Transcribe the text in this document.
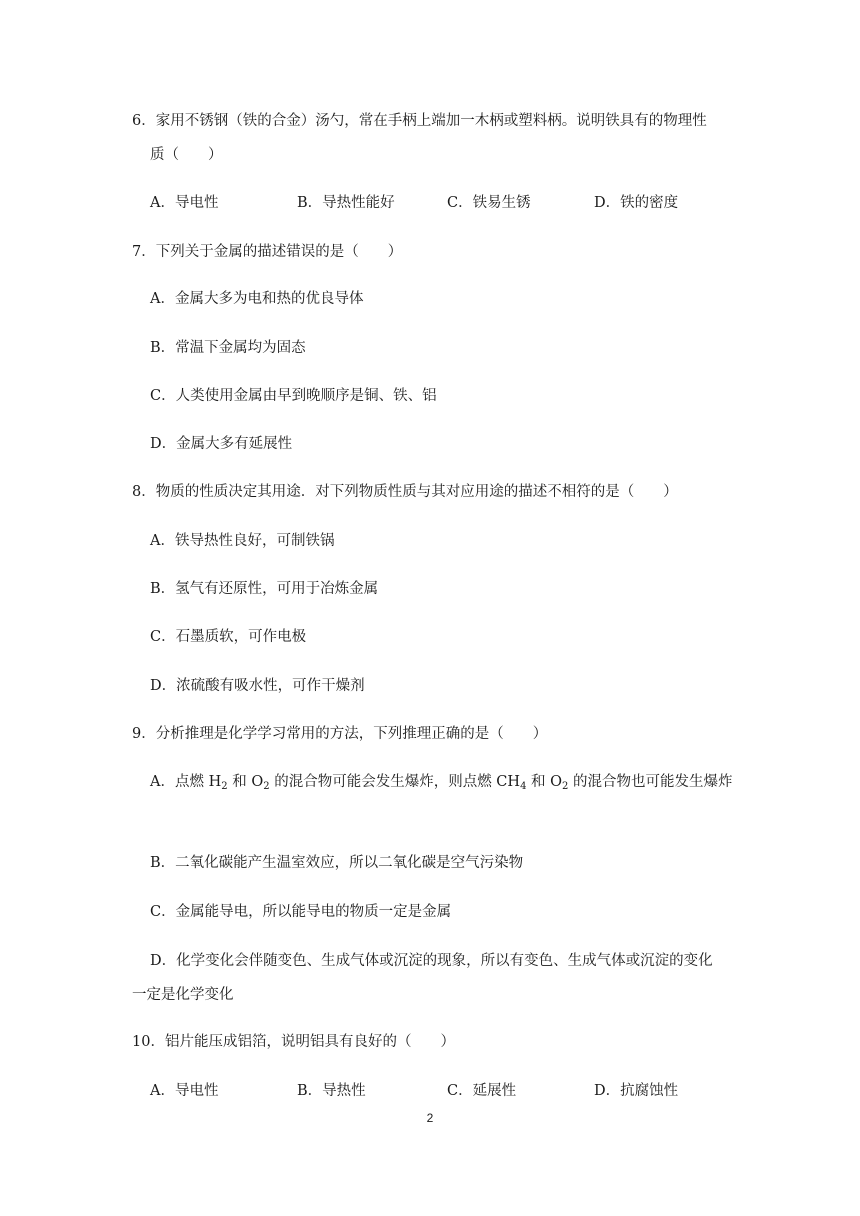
6．家用不锈钢（铁的合金）汤勺，常在手柄上端加一木柄或塑料柄。说明铁具有的物理性
质（　　）
A．导电性	B．导热性能好	C．铁易生锈	D．铁的密度
7．下列关于金属的描述错误的是（　　）
A．金属大多为电和热的优良导体
B．常温下金属均为固态
C．人类使用金属由早到晚顺序是铜、铁、铝
D．金属大多有延展性
8．物质的性质决定其用途．对下列物质性质与其对应用途的描述不相符的是（　　）
A．铁导热性良好，可制铁锅
B．氢气有还原性，可用于冶炼金属
C．石墨质软，可作电极
D．浓硫酸有吸水性，可作干燥剂
9．分析推理是化学学习常用的方法，下列推理正确的是（　　）
A．点燃 $H_2$ 和 $O_2$ 的混合物可能会发生爆炸，则点燃 $CH_4$ 和 $O_2$ 的混合物也可能发生爆炸
B．二氧化碳能产生温室效应，所以二氧化碳是空气污染物
C．金属能导电，所以能导电的物质一定是金属
D．化学变化会伴随变色、生成气体或沉淀的现象，所以有变色、生成气体或沉淀的变化
一定是化学变化
10．铝片能压成铝箔，说明铝具有良好的（　　）
A．导电性	B．导热性	C．延展性	D．抗腐蚀性
2
